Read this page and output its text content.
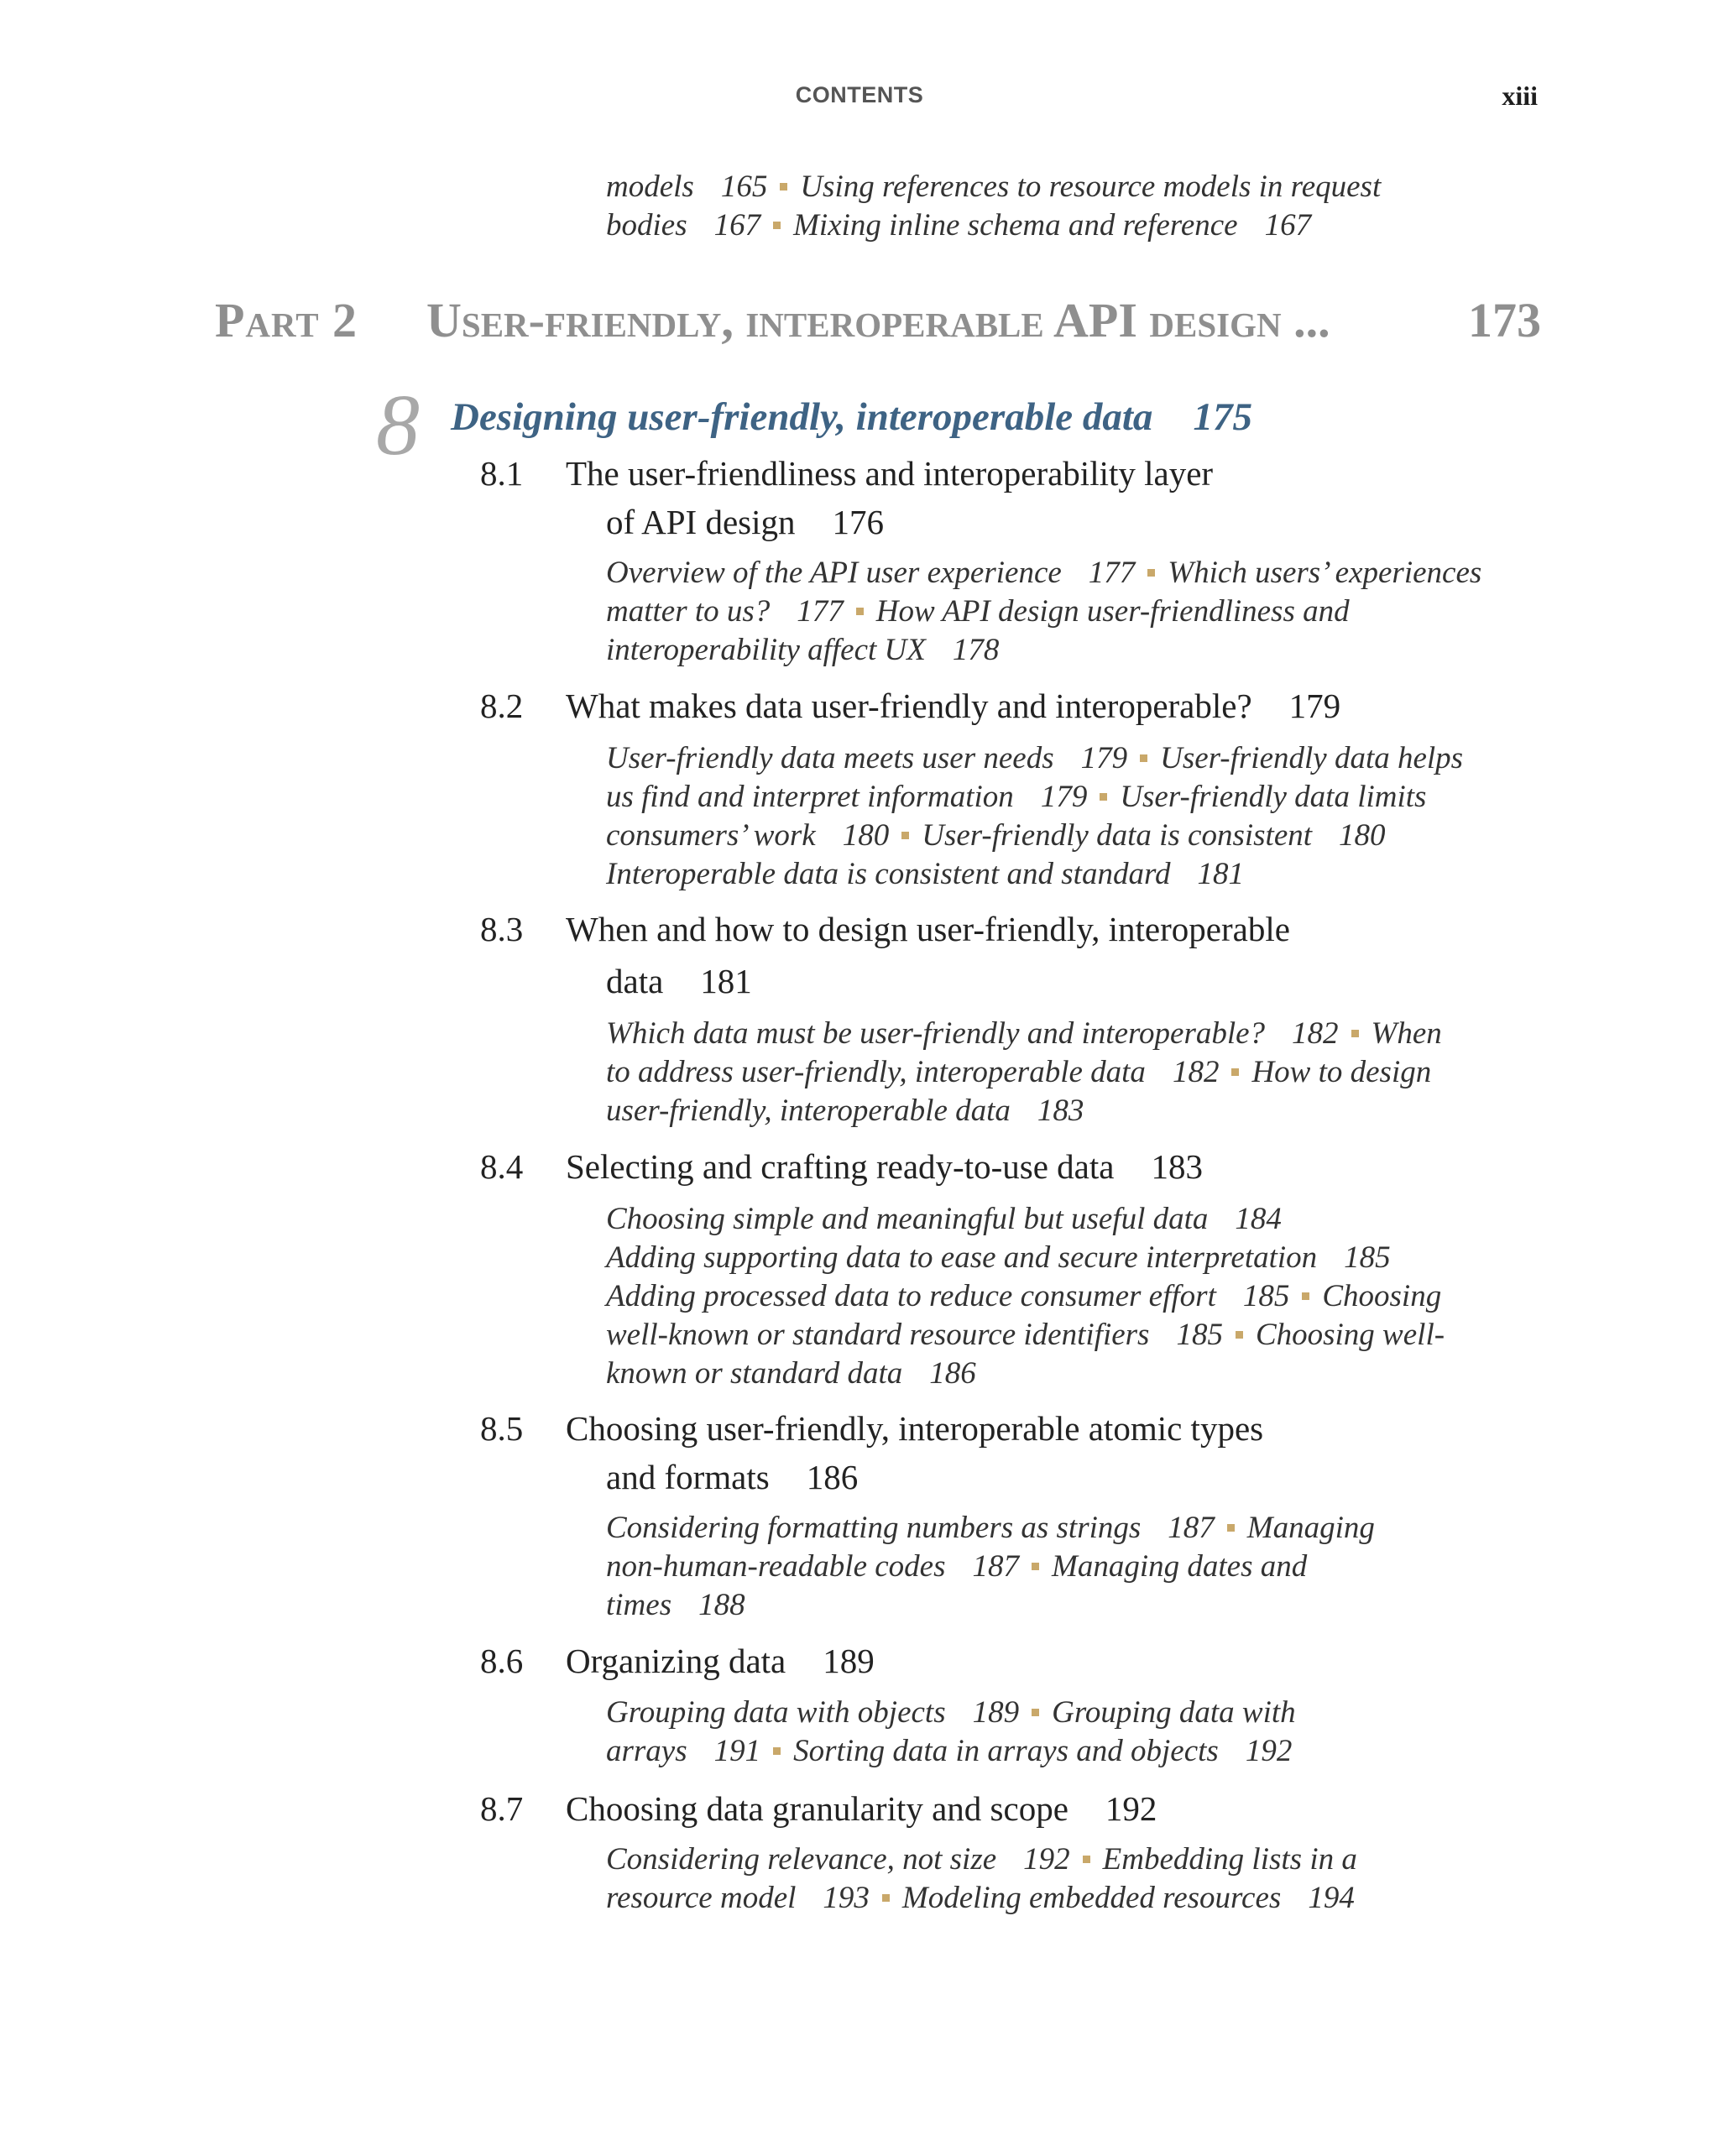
CONTENTS	xiii
models 165 Using references to resource models in request
bodies 167 Mixing inline schema and reference 167
Part 2 User-friendly, interoperable API design ...	173
8 Designing user-friendly, interoperable data 175
8.1 The user-friendliness and interoperability layer
of API design 176
Overview of the API user experience 177 Which users’ experiences
matter to us? 177 How API design user-friendliness and
interoperability affect UX 178
8.2 What makes data user-friendly and interoperable? 179
User-friendly data meets user needs 179 User-friendly data helps
us find and interpret information 179 User-friendly data limits
consumers’ work 180 User-friendly data is consistent 180
Interoperable data is consistent and standard 181
8.3 When and how to design user-friendly, interoperable
data 181
Which data must be user-friendly and interoperable? 182 When
to address user-friendly, interoperable data 182 How to design
user-friendly, interoperable data 183
8.4 Selecting and crafting ready-to-use data 183
Choosing simple and meaningful but useful data 184
Adding supporting data to ease and secure interpretation 185
Adding processed data to reduce consumer effort 185 Choosing
well-known or standard resource identifiers 185 Choosing well-
known or standard data 186
8.5 Choosing user-friendly, interoperable atomic types
and formats 186
Considering formatting numbers as strings 187 Managing
non-human-readable codes 187 Managing dates and
times 188
8.6 Organizing data 189
Grouping data with objects 189 Grouping data with
arrays 191 Sorting data in arrays and objects 192
8.7 Choosing data granularity and scope 192
Considering relevance, not size 192 Embedding lists in a
resource model 193 Modeling embedded resources 194
